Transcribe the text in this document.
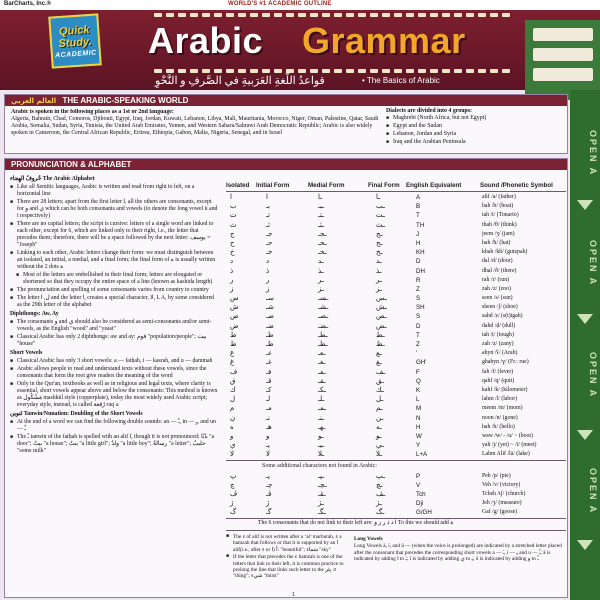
BarCharts, Inc.®	WORLD'S #1 ACADEMIC OUTLINE
Quick
Study.
ACADEMIC Arabic Grammar
قواعدُ اللّغةِ العَرَبيةِ في الصَّرفِ و النَّحْوِ	• The Basics of Arabic
OPEN A
OPEN A
OPEN A
OPEN A
العالم العربي THE ARABIC-SPEAKING WORLD
Arabic is spoken in the following places as a 1st or 2nd language:
Algeria, Bahrain, Chad, Comoros, Djibouti, Egypt, Iraq, Jordan, Kuwait, Lebanon, Libya, Mali, Mauritania, Morocco, Niger, Oman, Palestine, Qatar, Saudi Arabia, Somalia, Sudan, Syria, Tunisia, the United Arab Emirates, Yemen, and Western Sahara/Sahrawi Arab Democratic Republic; Arabic is also widely spoken in Cameroon, the Central African Republic, Eritrea, Ethiopia, Gabon, Malta, Nigeria, Senegal, and in Israel
Dialects are divided into 4 groups:
■ Maghrebi (North Africa, but not Egypt)
■ Egypt and the Sudan
■ Lebanon, Jordan and Syria
■ Iraq and the Arabian Peninsula
PRONUNCIATION & ALPHABET
حُروفُ الهِجاء The Arabic Alphabet
■ Like all Semitic languages, Arabic is written and read from right to left, on a horizontal line
■ There are 28 letters; apart from the first letter ا, all the others are consonants, except for و and ي which can be both consonants and vowels (to denote the long vowel ū and ī respectively)
■ There are no capital letters; the script is cursive: letters of a single word are linked to each other, except for 6, which are linked only to their right, i.e., the letter that precedes them; therefore, there will be a space followed by the next letter: يوسف = "Joseph"
■ Linking to each other, Arabic letters change their form: we must distinguish between an isolated, an initial, a medial, and a final form; the final form of ه is usually written without the 2 dots ة
■ Most of the letters are embellished in their final form; letters are elongated or shortened so that they occupy the entire space of a line (known as kashida length)
■ The pronunciation and spelling of some consonants varies from country to country
■ The letter ل, ا and the letter ا, creates a special character, لا, L A, by some considered as the 29th letter of the alphabet
Diphthongs: Aw, Ay
■ The consonants و and ي should also be considered as semi-consonants and/or semi-vowels, as the English "wood" and "yeast"
■ Classical Arabic has only 2 diphthongs: aw and ay: قوم "population/people"; بيت "house"
Short Vowels
■ Classical Arabic has only 3 short vowels: a — fatḥah, i — kasrah, and u — ḍammah
■ Arabic allows people to read and understand texts without these vowels, since the consonants that form the root give readers the meaning of the word
■ Only in the Qur'an, textbooks as well as in religious and legal texts, where clarity is essential, short vowels appear above and below the consonants: This method is known as مَشْكُول mashkūl style (copperplate), today the most widely used Arabic script; everyday style, instead, is called رُقعة ruqʿa
تَنوين Tanwin/Nunation: Doubling of the Short Vowels
■ At the end of a word we can find the following double sounds: an — ـً, in — ـٍ, and un — ـٌ
■ The ـً tanwin of the fatḥah is spelled with an alif ا, though it is not pronounced: بابًا "a door"; بيتٌ "a house"; بنتٌ "a little girl"; ولدٌ "a little boy"; رسالةٌ "a letter"; حليبٌ "some milk"
Isolated Initial Form	Medial Form	Final Form English Equivalent	Sound /Phonetic Symbol
ا	ا	ـا	ـا	A	alif /a/ (father)
ب	بـ	ـبـ	ـب	B	bah /b/ (boat)
ت	تـ	ـتـ	ـت	T	tah /t/ (Tonario)
ث	ثـ	ـثـ	ـث	TH	thah /θ/ (think)
ج	جـ	ـجـ	ـج	J	jeem /ʒ/ (jam)
ح	حـ	ـحـ	ـح	H	hah /ħ/ (hat)
خ	خـ	ـخـ	ـخ	KH	khah /kh/ (gutzpah)
د	د	ـد	ـد	D	dal /d/ (door)
ذ	ذ	ـذ	ـذ	DH	dhal /ð/ (there)
ر	ر	ـر	ـر	R	rah /r/ (run)
ز	ز	ـز	ـز	Z	zah /z/ (zoo)
س	سـ	ـسـ	ـس	S	seen /s/ (sun)
ش	شـ	ـشـ	ـش	SH	sheen /ʃ/ (shoe)
ص	صـ	ـصـ	ـص	S	sahd /ṣ/ (s(t)igah)
ض	ضـ	ـضـ	ـض	D	dahd /ḍ/ (dull)
ط	طـ	ـطـ	ـط	T	tah /ṭ/ (tough)
ظ	ظـ	ـظـ	ـظ	Z	zah /ẓ/ (zany)
ع	عـ	ـعـ	ـع	'	ahyn /ʕ/ (Arab)
غ	غـ	ـغـ	ـغ	GH'	ghahyn /ɣ/ (Fr.: rue)
ف	فـ	ـفـ	ـف	F	fah /f/ (fever)
ق	قـ	ـقـ	ـق	Q	qahf /q/ (quit)
ك	كـ	ـكـ	ـك	K	kahf /k/ (kilometer)
ل	لـ	ـلـ	ـل	L	lahm /l/ (labor)
م	مـ	ـمـ	ـم	M	meem /m/ (mom)
ن	نـ	ـنـ	ـن	N	noon /n/ (gone)
ه	هـ	ـهـ	ـه	H	hah /h/ (hello)
و	و	ـو	ـو	W	waw /w/ - /u/ ~ (boot)
ي	يـ	ـيـ	ـي	Y	yah /j/ (yet) ~ /i/ (meet)
لا	لا	ـلا	ـلا	L+A	Lahm Alif /lā/ (lake)
Some additional characters not found in Arabic:
پ	پـ	ـپـ	ـپ	P	Peh /p/ (pie)
چ	چـ	ـچـ	ـچ	V	Veh /v/ (victory)
ڤ	ڤـ	ـڤـ	ـڤ	Tch	Tcheh /tʃ/ (church)
ژ	ژ	ـژ	ـژ	Dji	Jeh /ʒ/ (measure)
گ	گـ	ـگـ	ـگ	G/GH	Gaf /g/ (goose)
The 6 consonants that do not link to their left are: ا د ذ ر ز و To this we should add ة
■ The ء of alif is not written after a ‘al’ marbutah, ء a hamzah that follows or that it is supported by an ا alif(i.e., after ء or ا) أ: "beautiful"; سَماء "sky"
■ If the letter that precedes the ء hamzah is one of the letters that link to their left, it is common practice to prolong the line that links such letter to the ء: بِئر "thing"; شيء "thirst"
Long Vowels
Long Vowels ā, ī, and ū — (when the voice is prolonged) are indicated by a stretched letter placed after the consonant that precedes the corresponding short vowels a — ـَ, i — ـِ and u — ـُ; ā is indicated by adding ا to ـَ; ī is indicated by adding ي to ـِ; ū is indicated by adding و to ـُ
1
